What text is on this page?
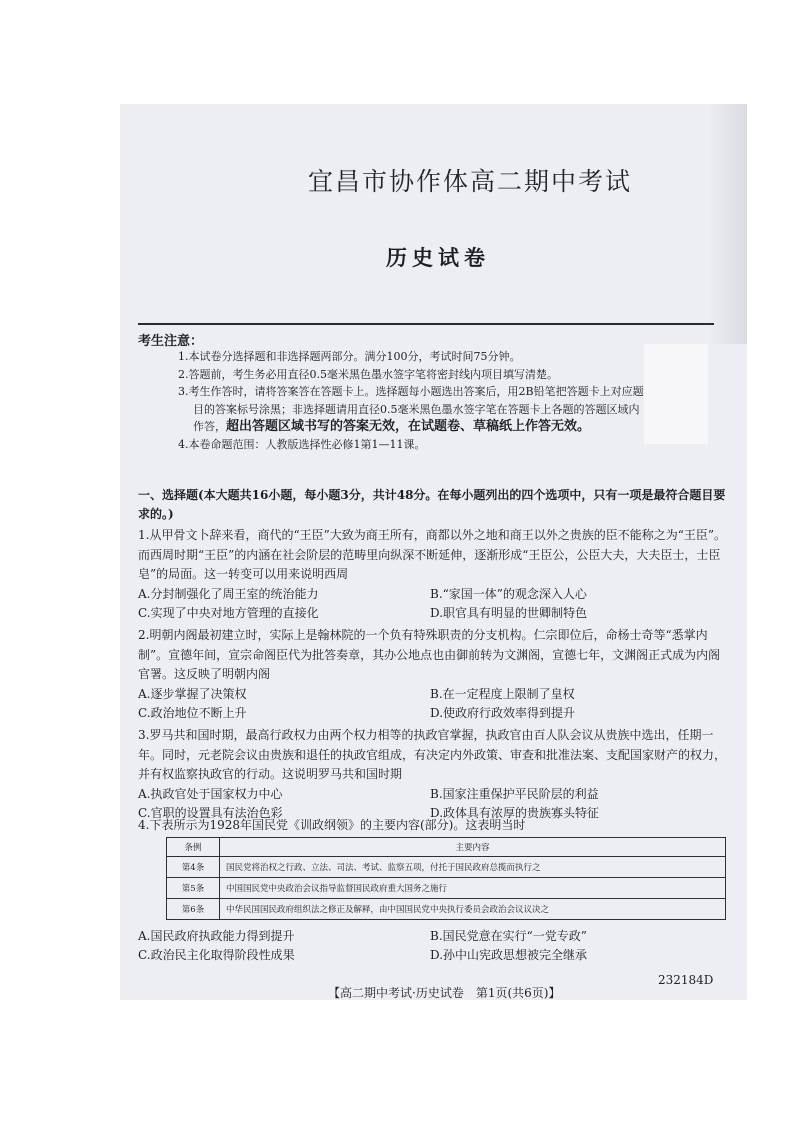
宜昌市协作体高二期中考试
历史试卷
考生注意：

1.本试卷分选择题和非选择题两部分。满分100分，考试时间75分钟。

2.答题前，考生务必用直径0.5毫米黑色墨水签字笔将密封线内项目填写清楚。

3.考生作答时，请将答案答在答题卡上。选择题每小题选出答案后，用2B铅笔把答题卡上对应题目的答案标号涂黑；非选择题请用直径0.5毫米黑色墨水签字笔在答题卡上各题的答题区域内作答，超出答题区域书写的答案无效，在试题卷、草稿纸上作答无效。

4.本卷命题范围：人教版选择性必修1第1—11课。

一、选择题(本大题共16小题，每小题3分，共计48分。在每小题列出的四个选项中，只有一项是最符合题目要求的。)

1.从甲骨文卜辞来看，商代的“王臣”大致为商王所有，商都以外之地和商王以外之贵族的臣不能称之为“王臣”。而西周时期“王臣”的内涵在社会阶层的范畴里向纵深不断延伸，逐渐形成“王臣公，公臣大夫，大夫臣士，士臣皂”的局面。这一转变可以用来说明西周

A.分封制强化了周王室的统治能力	B.“家国一体”的观念深入人心
C.实现了中央对地方管理的直接化	D.职官具有明显的世卿制特色

2.明朝内阁最初建立时，实际上是翰林院的一个负有特殊职责的分支机构。仁宗即位后，命杨士奇等“悉掌内制”。宣德年间，宣宗命阁臣代为批答奏章，其办公地点也由御前转为文渊阁，宣德七年，文渊阁正式成为内阁官署。这反映了明朝内阁

A.逐步掌握了决策权	B.在一定程度上限制了皇权
C.政治地位不断上升	D.使政府行政效率得到提升

3.罗马共和国时期，最高行政权力由两个权力相等的执政官掌握，执政官由百人队会议从贵族中选出，任期一年。同时，元老院会议由贵族和退任的执政官组成，有决定内外政策、审查和批准法案、支配国家财产的权力，并有权监察执政官的行动。这说明罗马共和国时期

A.执政官处于国家权力中心	B.国家注重保护平民阶层的利益
C.官职的设置具有法治色彩	D.政体具有浓厚的贵族寡头特征

4.下表所示为1928年国民党《训政纲领》的主要内容(部分)。这表明当时

条例	主要内容
第4条	国民党将治权之行政、立法、司法、考试、监察五项，付托于国民政府总揽而执行之
第5条	中国国民党中央政治会议指导监督国民政府重大国务之施行
第6条	中华民国国民政府组织法之修正及解释，由中国国民党中央执行委员会政治会议议决之
A.国民政府执政能力得到提升	B.国民党意在实行“一党专政”
C.政治民主化取得阶段性成果	D.孙中山宪政思想被完全继承
232184D
【高二期中考试·历史试卷　第1页(共6页)】
